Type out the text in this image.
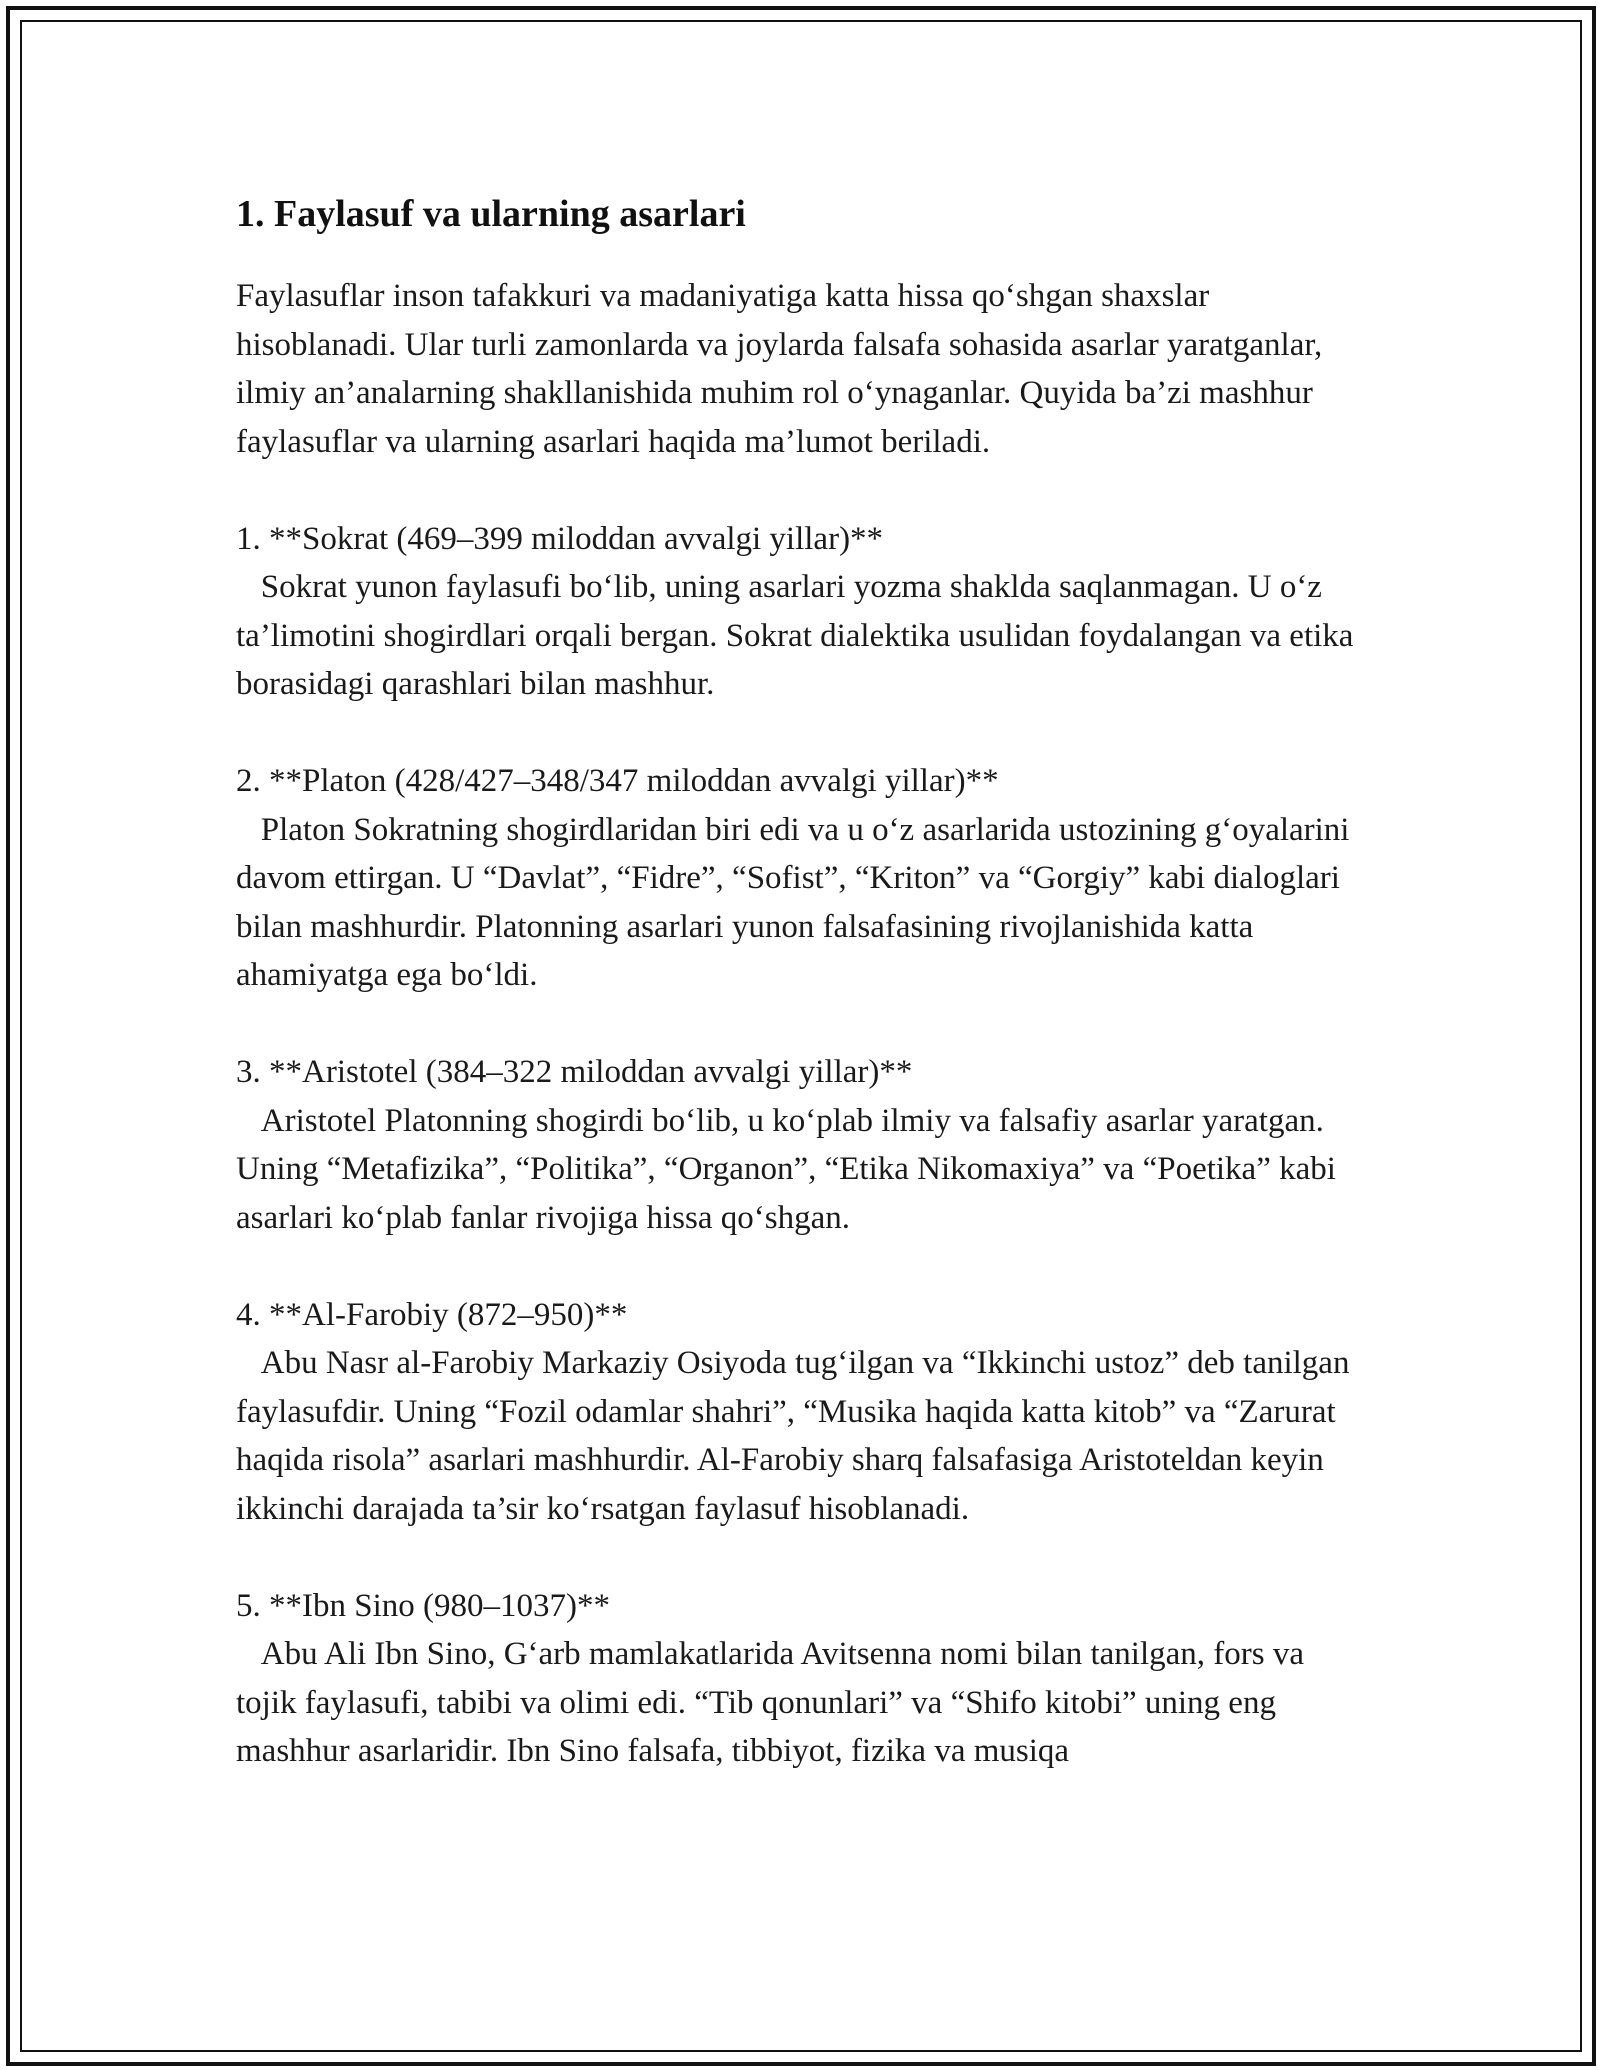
1. Faylasuf va ularning asarlari

Faylasuflar inson tafakkuri va madaniyatiga katta hissa qo‘shgan shaxslar hisoblanadi. Ular turli zamonlarda va joylarda falsafa sohasida asarlar yaratganlar, ilmiy an’analarning shakllanishida muhim rol o‘ynaganlar. Quyida ba’zi mashhur faylasuflar va ularning asarlari haqida ma’lumot beriladi.

1. **Sokrat (469–399 miloddan avvalgi yillar)**
Sokrat yunon faylasufi bo‘lib, uning asarlari yozma shaklda saqlanmagan. U o‘z ta’limotini shogirdlari orqali bergan. Sokrat dialektika usulidan foydalangan va etika borasidagi qarashlari bilan mashhur.
2. **Platon (428/427–348/347 miloddan avvalgi yillar)**
Platon Sokratning shogirdlaridan biri edi va u o‘z asarlarida ustozining g‘oyalarini davom ettirgan. U “Davlat”, “Fidre”, “Sofist”, “Kriton” va “Gorgiy” kabi dialoglari bilan mashhurdir. Platonning asarlari yunon falsafasining rivojlanishida katta ahamiyatga ega bo‘ldi.
3. **Aristotel (384–322 miloddan avvalgi yillar)**
Aristotel Platonning shogirdi bo‘lib, u ko‘plab ilmiy va falsafiy asarlar yaratgan. Uning “Metafizika”, “Politika”, “Organon”, “Etika Nikomaxiya” va “Poetika” kabi asarlari ko‘plab fanlar rivojiga hissa qo‘shgan.
4. **Al-Farobiy (872–950)**
Abu Nasr al-Farobiy Markaziy Osiyoda tug‘ilgan va “Ikkinchi ustoz” deb tanilgan faylasufdir. Uning “Fozil odamlar shahri”, “Musika haqida katta kitob” va “Zarurat haqida risola” asarlari mashhurdir. Al-Farobiy sharq falsafasiga Aristoteldan keyin ikkinchi darajada ta’sir ko‘rsatgan faylasuf hisoblanadi.
5. **Ibn Sino (980–1037)**
Abu Ali Ibn Sino, G‘arb mamlakatlarida Avitsenna nomi bilan tanilgan, fors va tojik faylasufi, tabibi va olimi edi. “Tib qonunlari” va “Shifo kitobi” uning eng mashhur asarlaridir. Ibn Sino falsafa, tibbiyot, fizika va musiqa
